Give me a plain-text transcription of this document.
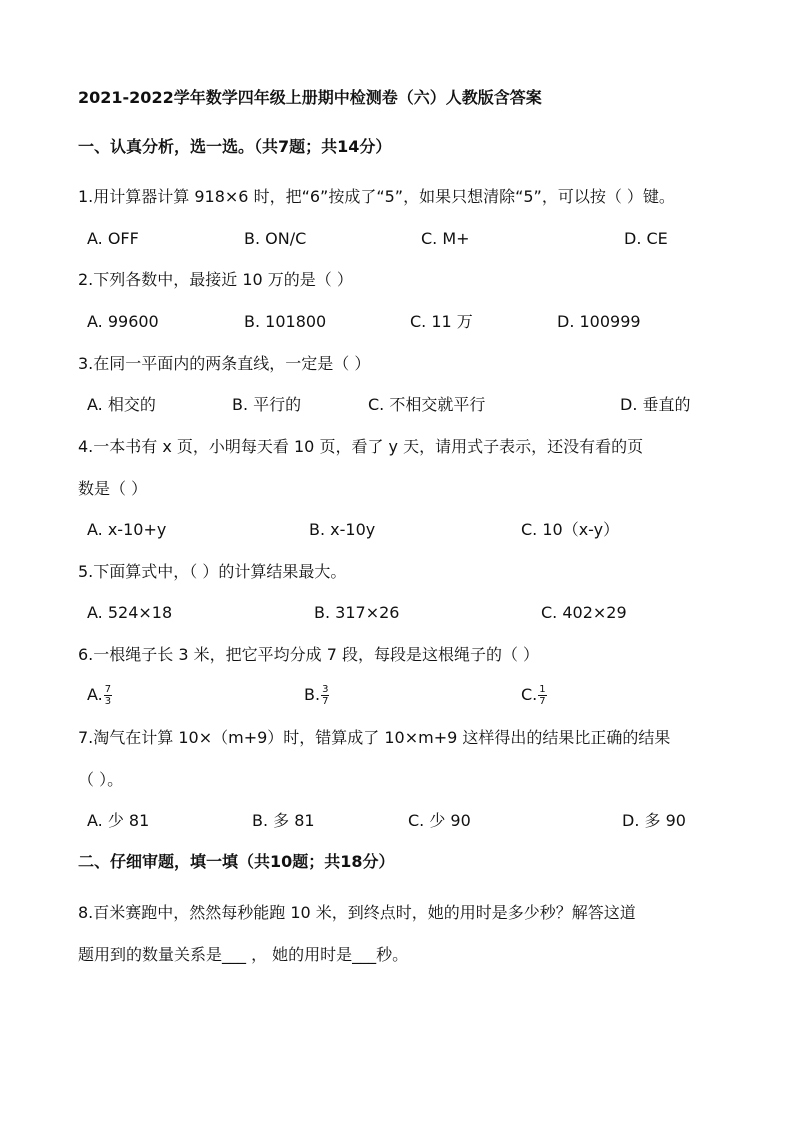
2021-2022学年数学四年级上册期中检测卷（六）人教版含答案
一、认真分析，选一选。（共7题；共14分）
1.用计算器计算 918×6 时，把“6”按成了“5”，如果只想清除“5”，可以按（ ）键。
A. OFF	B. ON/C	C. M+	D. CE
2.下列各数中，最接近 10 万的是（ ）
A. 99600	B. 101800	C. 11 万	D. 100999
3.在同一平面内的两条直线，一定是（ ）
A. 相交的	B. 平行的	C. 不相交就平行	D. 垂直的
4.一本书有 x 页，小明每天看 10 页，看了 y 天，请用式子表示，还没有看的页
数是（ ）
A. x-10+y	B. x-10y	C. 10（x-y）
5.下面算式中，（ ）的计算结果最大。
A. 524×18	B. 317×26	C. 402×29
6.一根绳子长 3 米，把它平均分成 7 段，每段是这根绳子的（ ）
A. $\frac{7}{3}$	B. $\frac{3}{7}$	C. $\frac{1}{7}$
7.淘气在计算 10×（m+9）时，错算成了 10×m+9 这样得出的结果比正确的结果
（ ）。
A. 少 81	B. 多 81	C. 少 90	D. 多 90
二、仔细审题，填一填（共10题；共18分）
8.百米赛跑中，然然每秒能跑 10 米，到终点时，她的用时是多少秒？解答这道
题用到的数量关系是___ ， 她的用时是___秒。
